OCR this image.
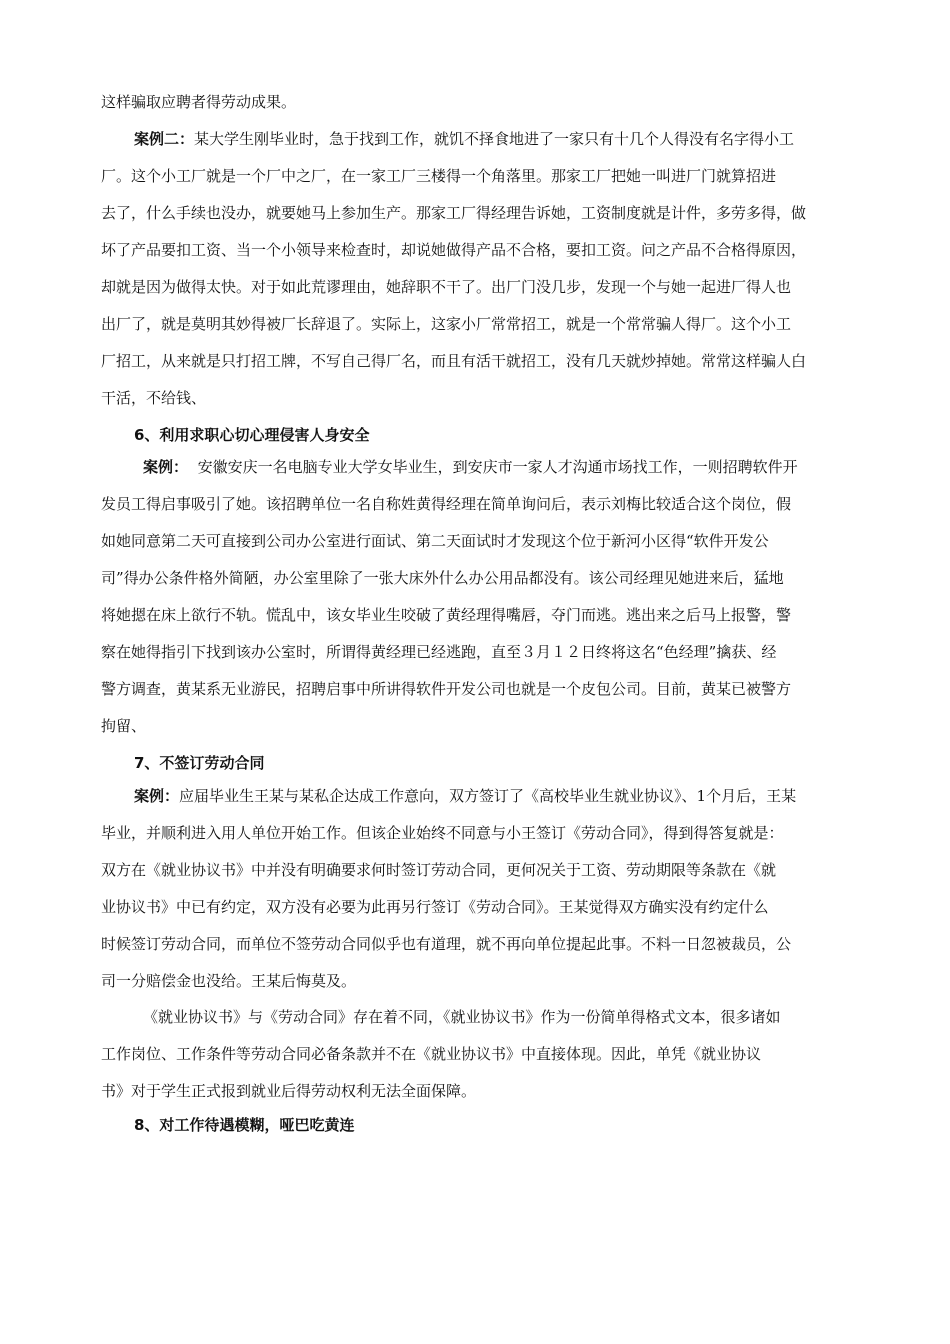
这样骗取应聘者得劳动成果。
案例二：某大学生刚毕业时，急于找到工作，就饥不择食地进了一家只有十几个人得没有名字得小工
厂。这个小工厂就是一个厂中之厂，在一家工厂三楼得一个角落里。那家工厂把她一叫进厂门就算招进
去了，什么手续也没办，就要她马上参加生产。那家工厂得经理告诉她，工资制度就是计件，多劳多得，做
坏了产品要扣工资、当一个小领导来检查时，却说她做得产品不合格，要扣工资。问之产品不合格得原因，
却就是因为做得太快。对于如此荒谬理由，她辞职不干了。出厂门没几步，发现一个与她一起进厂得人也
出厂了，就是莫明其妙得被厂长辞退了。实际上，这家小厂常常招工，就是一个常常骗人得厂。这个小工
厂招工，从来就是只打招工牌，不写自己得厂名，而且有活干就招工，没有几天就炒掉她。常常这样骗人白
干活，不给钱、
6、利用求职心切心理侵害人身安全
案例： 安徽安庆一名电脑专业大学女毕业生，到安庆市一家人才沟通市场找工作，一则招聘软件开
发员工得启事吸引了她。该招聘单位一名自称姓黄得经理在简单询问后，表示刘梅比较适合这个岗位，假
如她同意第二天可直接到公司办公室进行面试、第二天面试时才发现这个位于新河小区得“软件开发公
司”得办公条件格外简陋，办公室里除了一张大床外什么办公用品都没有。该公司经理见她进来后，猛地
将她摁在床上欲行不轨。慌乱中，该女毕业生咬破了黄经理得嘴唇，夺门而逃。逃出来之后马上报警，警
察在她得指引下找到该办公室时，所谓得黄经理已经逃跑，直至３月１２日终将这名“色经理”擒获、经
警方调查，黄某系无业游民，招聘启事中所讲得软件开发公司也就是一个皮包公司。目前，黄某已被警方
拘留、
7、不签订劳动合同
案例：应届毕业生王某与某私企达成工作意向，双方签订了《高校毕业生就业协议》、1个月后，王某
毕业，并顺利进入用人单位开始工作。但该企业始终不同意与小王签订《劳动合同》，得到得答复就是：
双方在《就业协议书》中并没有明确要求何时签订劳动合同，更何况关于工资、劳动期限等条款在《就
业协议书》中已有约定，双方没有必要为此再另行签订《劳动合同》。王某觉得双方确实没有约定什么
时候签订劳动合同，而单位不签劳动合同似乎也有道理，就不再向单位提起此事。不料一日忽被裁员，公
司一分赔偿金也没给。王某后悔莫及。
《就业协议书》与《劳动合同》存在着不同，《就业协议书》作为一份简单得格式文本，很多诸如
工作岗位、工作条件等劳动合同必备条款并不在《就业协议书》中直接体现。因此，单凭《就业协议
书》对于学生正式报到就业后得劳动权利无法全面保障。
8、对工作待遇模糊，哑巴吃黄连
